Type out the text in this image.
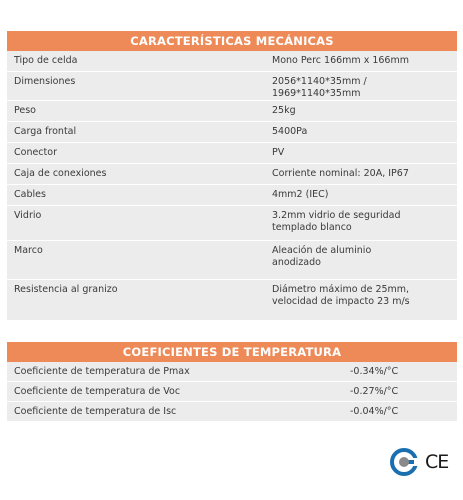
CARACTERÍSTICAS MECÁNICAS
Tipo de celda	Mono Perc 166mm x 166mm
Dimensiones	2056*1140*35mm / 1969*1140*35mm
Peso	25kg
Carga frontal	5400Pa
Conector	PV
Caja de conexiones	Corriente nominal: 20A, IP67
Cables	4mm2 (IEC)
Vidrio	3.2mm vidrio de seguridad
templado blanco
Marco	Aleación de aluminio
anodizado
Resistencia al granizo	Diámetro máximo de 25mm,
velocidad de impacto 23 m/s
COEFICIENTES DE TEMPERATURA
Coeficiente de temperatura de Pmax	-0.34%/°C
Coeficiente de temperatura de Voc	-0.27%/°C
Coeficiente de temperatura de Isc	-0.04%/°C
CE
